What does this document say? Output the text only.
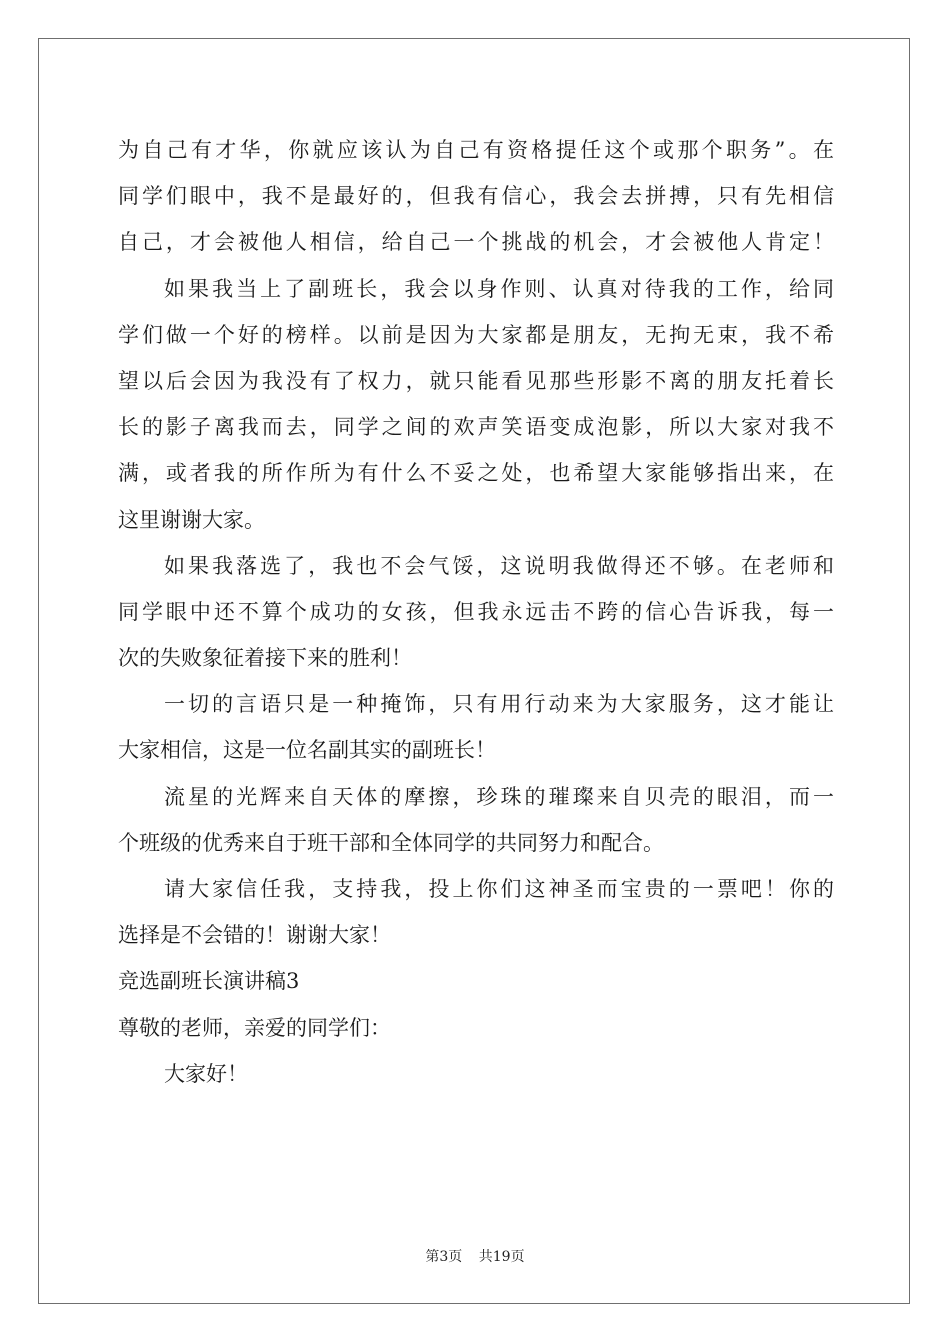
为自己有才华，你就应该认为自己有资格提任这个或那个职务”。在
同学们眼中，我不是最好的，但我有信心，我会去拼搏，只有先相信
自己，才会被他人相信，给自己一个挑战的机会，才会被他人肯定！
如果我当上了副班长，我会以身作则、认真对待我的工作，给同
学们做一个好的榜样。以前是因为大家都是朋友，无拘无束，我不希
望以后会因为我没有了权力，就只能看见那些形影不离的朋友托着长
长的影子离我而去，同学之间的欢声笑语变成泡影，所以大家对我不
满，或者我的所作所为有什么不妥之处，也希望大家能够指出来，在
这里谢谢大家。
如果我落选了，我也不会气馁，这说明我做得还不够。在老师和
同学眼中还不算个成功的女孩，但我永远击不跨的信心告诉我，每一
次的失败象征着接下来的胜利！
一切的言语只是一种掩饰，只有用行动来为大家服务，这才能让
大家相信，这是一位名副其实的副班长！
流星的光辉来自天体的摩擦，珍珠的璀璨来自贝壳的眼泪，而一
个班级的优秀来自于班干部和全体同学的共同努力和配合。
请大家信任我，支持我，投上你们这神圣而宝贵的一票吧！你的
选择是不会错的！谢谢大家！
竞选副班长演讲稿3
尊敬的老师，亲爱的同学们：
大家好！
第3页 共19页
